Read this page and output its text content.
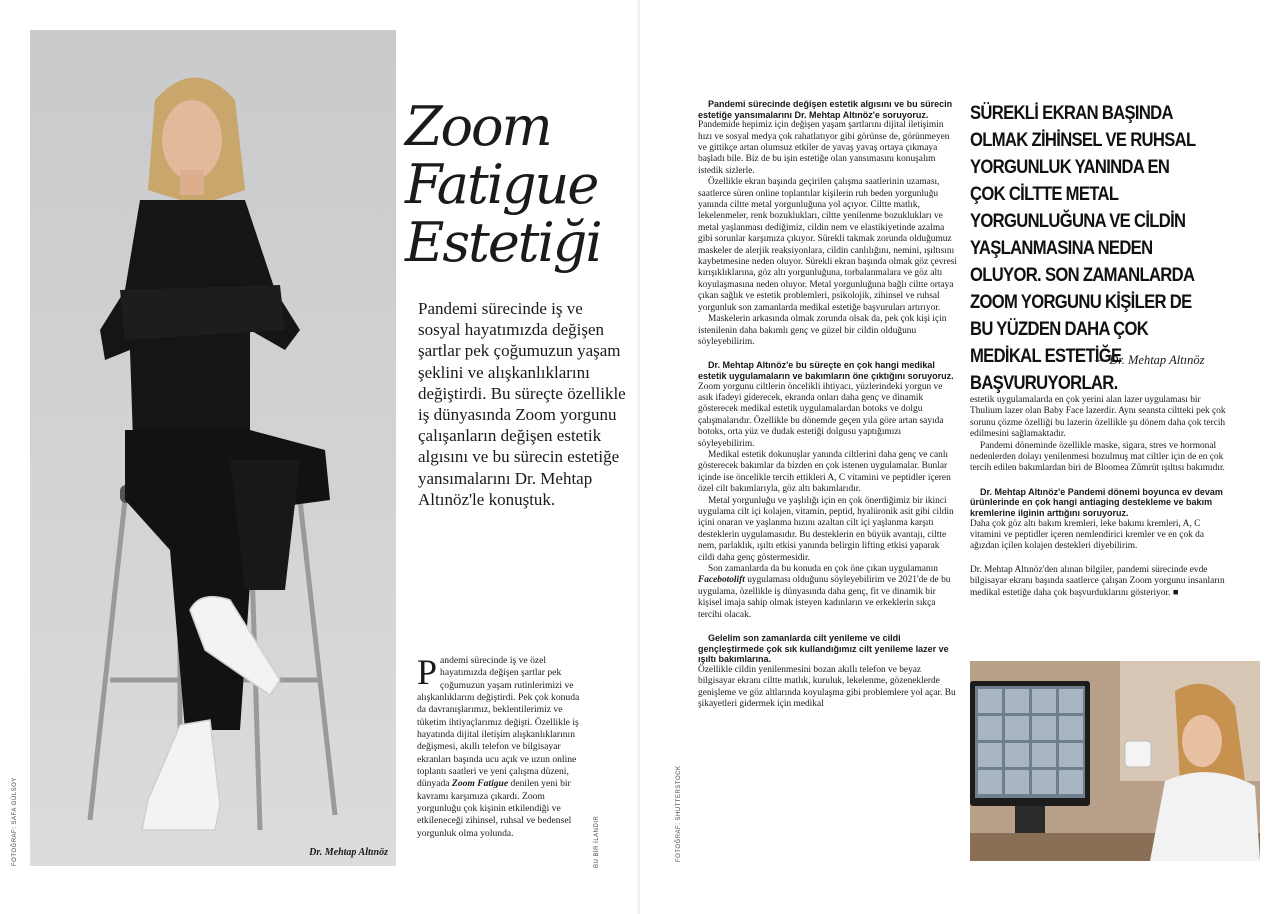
Dr. Mehtap Altınöz
FOTOĞRAF: SAFA GÜLSOY
Zoom
Fatigue
Estetiği
Pandemi sürecinde iş ve sosyal hayatımızda değişen şartlar pek çoğumuzun yaşam şeklini ve alışkanlıklarını değiştirdi. Bu süreçte özellikle iş dünyasında Zoom yorgunu çalışanların değişen estetik algısını ve bu sürecin estetiğe yansımalarını Dr. Mehtap Altınöz'le konuştuk.
Pandemi sürecinde iş ve özel hayatımızda değişen şartlar pek çoğumuzun yaşam rutinlerimizi ve alışkanlıklarını değiştirdi. Pek çok konuda da davranışlarımız, beklentilerimiz ve tüketim ihtiyaçlarımız değişti. Özellikle iş hayatında dijital iletişim alışkanlıklarının değişmesi, akıllı telefon ve bilgisayar ekranları başında ucu açık ve uzun online toplantı saatleri ve yeni çalışma düzeni, dünyada Zoom Fatigue denilen yeni bir kavramı karşımıza çıkardı. Zoom yorgunluğu çok kişinin etkilendiği ve etkileneceği zihinsel, ruhsal ve bedensel yorgunluk olma yolunda.	BU BİR İLANDIR	FOTOĞRAF: SHUTTERSTOCK

Pandemi sürecinde değişen estetik algısını ve bu sürecin estetiğe yansımalarını Dr. Mehtap Altınöz'e soruyoruz.

Pandemide hepimiz için değişen yaşam şartlarını dijital iletişimin hızı ve sosyal medya çok rahatlatıyor gibi görünse de, görünmeyen ve gittikçe artan olumsuz etkiler de yavaş yavaş ortaya çıkmaya başladı bile. Biz de bu işin estetiğe olan yansımasını konuşalım istedik sizlerle.

Özellikle ekran başında geçirilen çalışma saatlerinin uzaması, saatlerce süren online toplantılar kişilerin ruh beden yorgunluğu yanında ciltte metal yorgunluğuna yol açıyor. Ciltte matlık, lekelenmeler, renk bozuklukları, ciltte yenilenme bozuklukları ve metal yaşlanması dediğimiz, cildin nem ve elastikiyetinde azalma gibi sorunlar karşımıza çıkıyor. Sürekli takmak zorunda olduğumuz maskeler de alerjik reaksiyonlara, cildin canlılığını, nemini, ışıltısını kaybetmesine neden oluyor. Sürekli ekran başında olmak göz çevresi kırışıklıklarına, göz altı yorgunluğuna, torbalanmalara ve göz altı koyulaşmasına neden oluyor. Metal yorgunluğuna bağlı ciltte ortaya çıkan sağlık ve estetik problemleri, psikolojik, zihinsel ve ruhsal yorgunluk son zamanlarda medikal estetiğe başvuruları artırıyor.

Maskelerin arkasında olmak zorunda olsak da, pek çok kişi için istenilenin daha bakımlı genç ve güzel bir cildin olduğunu söyleyebilirim.

Dr. Mehtap Altınöz'e bu süreçte en çok hangi medikal estetik uygulamaların ve bakımların öne çıktığını soruyoruz.

Zoom yorgunu ciltlerin öncelikli ihtiyacı, yüzlerindeki yorgun ve asık ifadeyi giderecek, ekranda onları daha genç ve dinamik gösterecek medikal estetik uygulamalardan botoks ve dolgu çalışmalarıdır. Özellikle bu dönemde geçen yıla göre artan sayıda botoks, orta yüz ve dudak estetiği dolgusu yaptığımızı söyleyebilirim.

Medikal estetik dokunuşlar yanında ciltlerini daha genç ve canlı gösterecek bakımlar da bizden en çok istenen uygulamalar. Bunlar içinde ise öncelikle tercih ettikleri A, C vitamini ve peptidler içeren özel cilt bakımlarıyla, göz altı bakımlarıdır.

Metal yorgunluğu ve yaşlılığı için en çok önerdiğimiz bir ikinci uygulama cilt içi kolajen, vitamin, peptid, hyalüronik asit gibi cildin içini onaran ve yaşlanma hızını azaltan cilt içi yaşlanma karşıtı desteklerin uygulamasıdır. Bu desteklerin en büyük avantajı, ciltte nem, parlaklık, ışıltı etkisi yanında belirgin lifting etkisi yaparak cildi daha genç göstermesidir.

Son zamanlarda da bu konuda en çok öne çıkan uygulamanın Facebotolift uygulaması olduğunu söyleyebilirim ve 2021'de de bu uygulama, özellikle iş dünyasında daha genç, fit ve dinamik bir kişisel imaja sahip olmak isteyen kadınların ve erkeklerin sıkça tercihi olacak.

Gelelim son zamanlarda cilt yenileme ve cildi gençleştirmede çok sık kullandığımız cilt yenileme lazer ve ışıltı bakımlarına.

Özellikle cildin yenilenmesini bozan akıllı telefon ve beyaz bilgisayar ekranı ciltte matlık, kuruluk, lekelenme, gözeneklerde genişleme ve göz altlarında koyulaşma gibi problemlere yol açar. Bu şikayetleri gidermek için medikal

SÜREKLİ EKRAN BAŞINDA OLMAK ZİHİNSEL VE RUHSAL YORGUNLUK YANINDA EN ÇOK CİLTTE METAL YORGUNLUĞUNA VE CİLDİN YAŞLANMASINA NEDEN OLUYOR. SON ZAMANLARDA ZOOM YORGUNU KİŞİLER DE BU YÜZDEN DAHA ÇOK MEDİKAL ESTETİĞE BAŞVURUYORLAR.
— Dr. Mehtap Altınöz

estetik uygulamalarda en çok yerini alan lazer uygulaması bir Thulium lazer olan Baby Face lazerdir. Aynı seansta ciltteki pek çok sorunu çözme özelliği bu lazerin özellikle şu dönem daha çok tercih edilmesini sağlamaktadır.

Pandemi döneminde özellikle maske, sigara, stres ve hormonal nedenlerden dolayı yenilenmesi bozulmuş mat ciltler için de en çok tercih edilen bakımlardan biri de Bloomea Zümrüt ışıltısı bakımıdır.

Dr. Mehtap Altınöz'e Pandemi dönemi boyunca ev devam ürünlerinde en çok hangi antiaging destekleme ve bakım kremlerine ilginin arttığını soruyoruz.

Daha çok göz altı bakım kremleri, leke bakımı kremleri, A, C vitamini ve peptidler içeren nemlendirici kremler ve en çok da ağızdan içilen kolajen destekleri diyebilirim.

Dr. Mehtap Altınöz'den alınan bilgiler, pandemi sürecinde evde bilgisayar ekranı başında saatlerce çalışan Zoom yorgunu insanların medikal estetiğe daha çok başvurduklarını gösteriyor. ■
